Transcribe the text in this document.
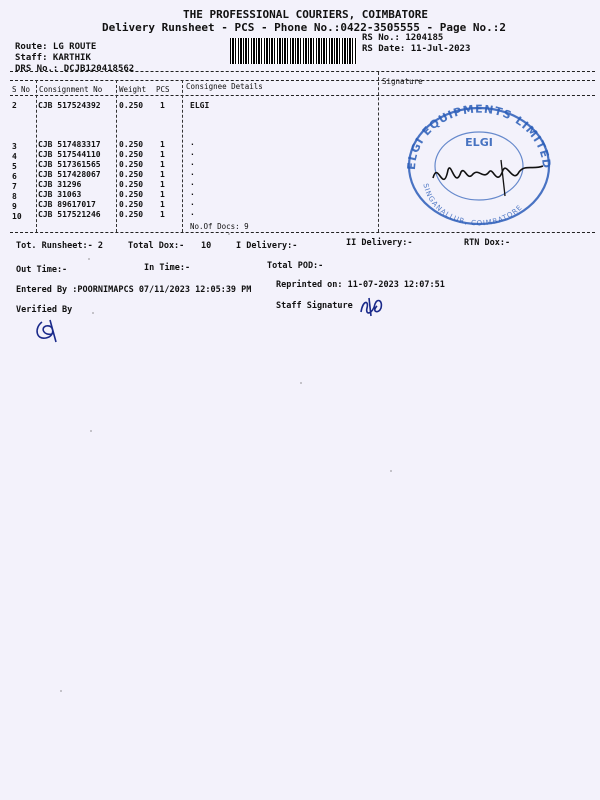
THE PROFESSIONAL COURIERS, COIMBATORE
Delivery Runsheet - PCS - Phone No.:0422-3505555 - Page No.:2
Route: LG ROUTE
Staff: KARTHIK
DRS No.: DCJB120418562
RS No.: 1204185
RS Date: 11-Jul-2023
S No Consignment No Weight PCS Consignee Details
Signature
2	CJB 517524392 0.250 1	ELGI
3	CJB 517483317 0.250 1	.
4	CJB 517544110 0.250 1	.
5	CJB 517361565 0.250 1	.
6	CJB 517428067 0.250 1	.
7	CJB 31296	0.250 1	.
8	CJB 31063	0.250 1	.
9	CJB 89617017	0.250 1	.
10 CJB 517521246 0.250 1	.
No.Of Docs: 9
ELGI EQUIPMENTS LIMITED
ELGI
SINGANALLUR, COIMBATORE
Tot. Runsheet:- 2	Total Dox:- 10	I Delivery:-	II Delivery:-	RTN Dox:-
Out Time:-	In Time:-	Total POD:-
Entered By :POORNIMAPCS 07/11/2023 12:05:39 PM	Reprinted on: 11-07-2023 12:07:51
Verified By	Staff Signature
